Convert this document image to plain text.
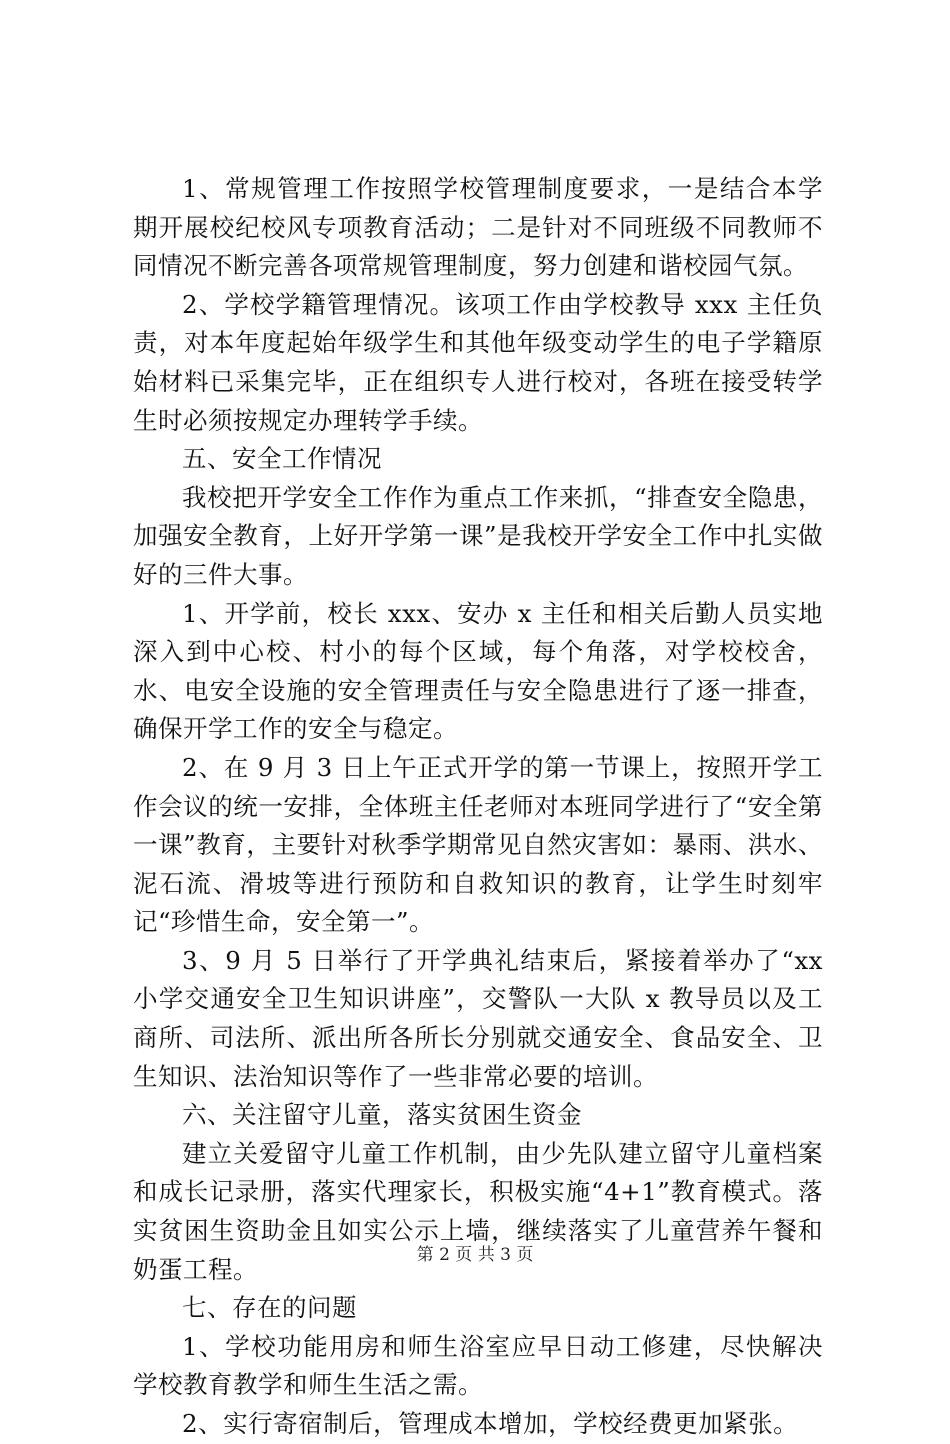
1、常规管理工作按照学校管理制度要求，一是结合本学期开展校纪校风专项教育活动；二是针对不同班级不同教师不同情况不断完善各项常规管理制度，努力创建和谐校园气氛。

2、学校学籍管理情况。该项工作由学校教导 xxx 主任负责，对本年度起始年级学生和其他年级变动学生的电子学籍原始材料已采集完毕，正在组织专人进行校对，各班在接受转学生时必须按规定办理转学手续。

五、安全工作情况

我校把开学安全工作作为重点工作来抓，“排查安全隐患，加强安全教育，上好开学第一课”是我校开学安全工作中扎实做好的三件大事。

1、开学前，校长 xxx、安办 x 主任和相关后勤人员实地深入到中心校、村小的每个区域，每个角落，对学校校舍，水、电安全设施的安全管理责任与安全隐患进行了逐一排查，确保开学工作的安全与稳定。

2、在 9 月 3 日上午正式开学的第一节课上，按照开学工作会议的统一安排，全体班主任老师对本班同学进行了“安全第一课”教育，主要针对秋季学期常见自然灾害如：暴雨、洪水、泥石流、滑坡等进行预防和自救知识的教育，让学生时刻牢记“珍惜生命，安全第一”。

3、9 月 5 日举行了开学典礼结束后，紧接着举办了“xx 小学交通安全卫生知识讲座”，交警队一大队 x 教导员以及工商所、司法所、派出所各所长分别就交通安全、食品安全、卫生知识、法治知识等作了一些非常必要的培训。

六、关注留守儿童，落实贫困生资金

建立关爱留守儿童工作机制，由少先队建立留守儿童档案和成长记录册，落实代理家长，积极实施“4+1”教育模式。落实贫困生资助金且如实公示上墙，继续落实了儿童营养午餐和奶蛋工程。

七、存在的问题

1、学校功能用房和师生浴室应早日动工修建，尽快解决学校教育教学和师生生活之需。

2、实行寄宿制后，管理成本增加，学校经费更加紧张。

第 2 页 共 3 页
